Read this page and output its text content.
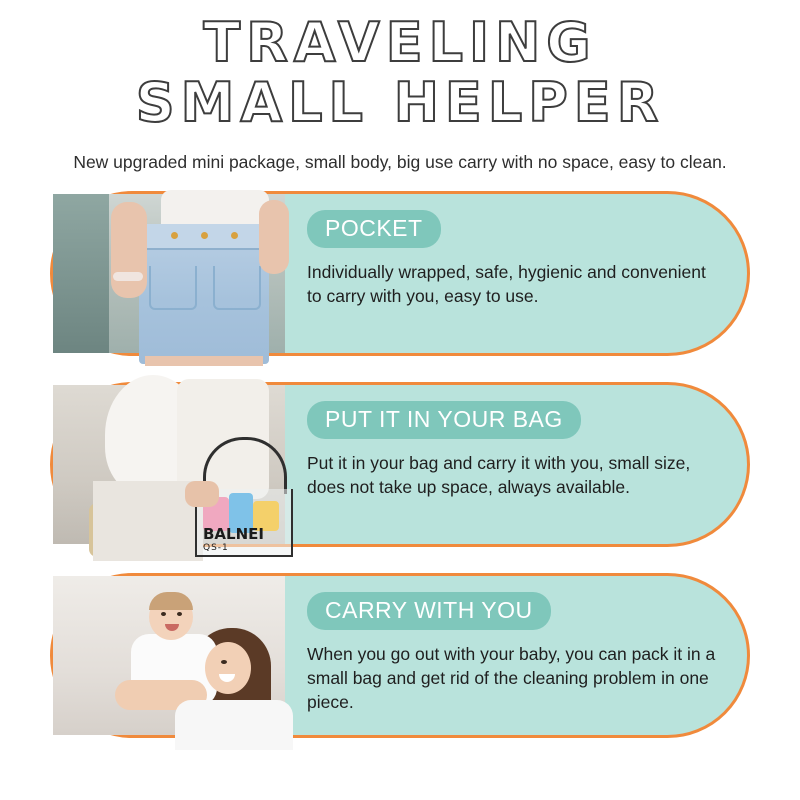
TRAVELING
SMALL HELPER
New upgraded mini package, small body, big use carry with no space, easy to clean.
POCKET
Individually wrapped, safe, hygienic and convenient to carry with you, easy to use.
BALNEI
QS-1
PUT IT IN YOUR BAG
Put it in your bag and carry it with you, small size, does not take up space, always available.
CARRY WITH YOU
When you go out with your baby, you can pack it in a small bag and get rid of the cleaning problem in one piece.
